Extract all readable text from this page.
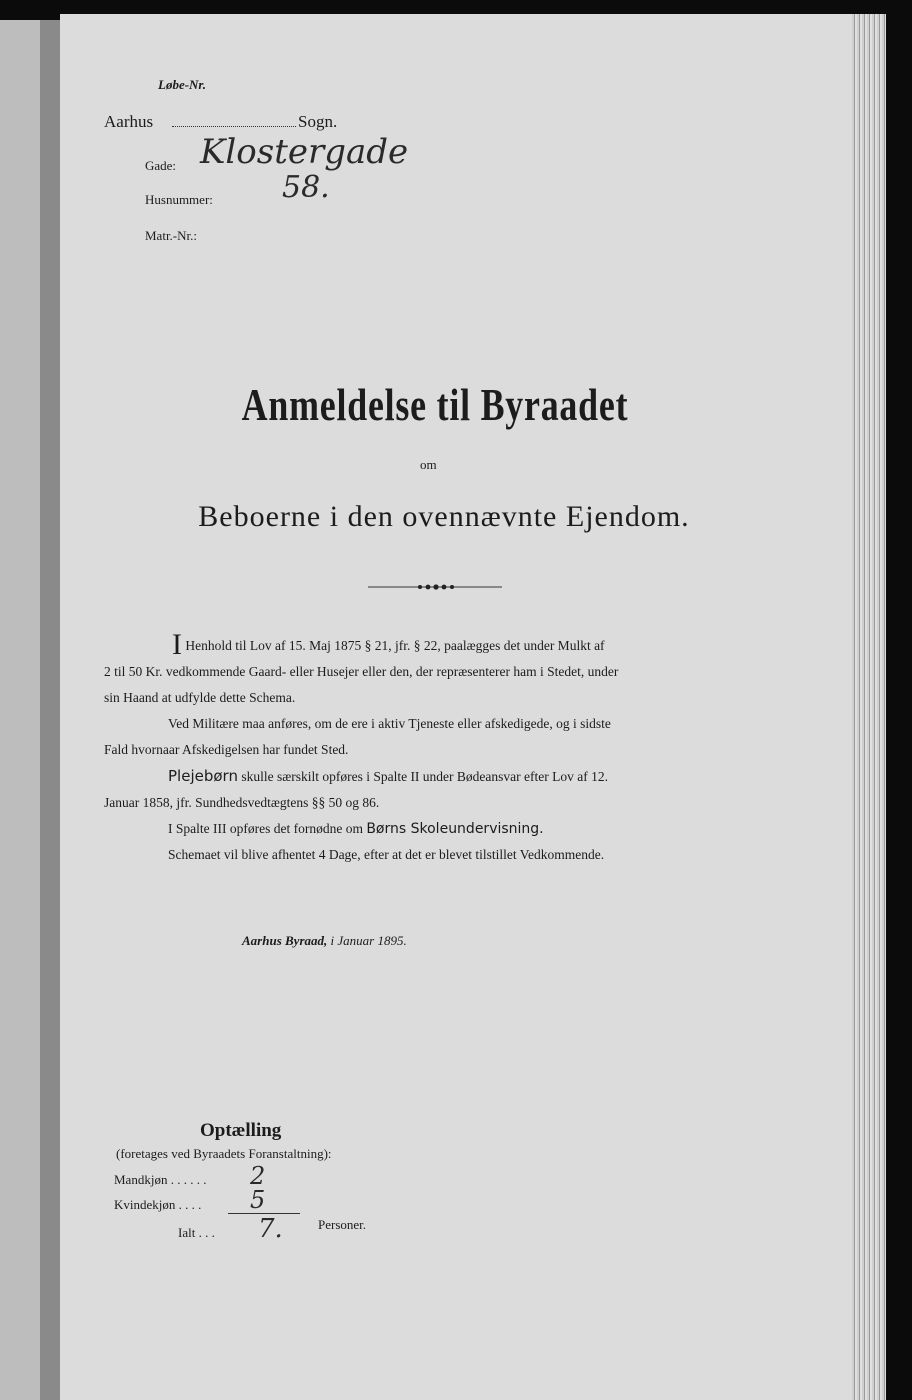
Løbe-Nr.
Aarhus	Sogn.
Gade: Klostergade
Husnummer: 58.
Matr.-Nr.:
Anmeldelse til Byraadet
om
Beboerne i den ovennævnte Ejendom.
I Henhold til Lov af 15. Maj 1875 § 21, jfr. § 22, paalægges det under Mulkt af
2 til 50 Kr. vedkommende Gaard- eller Husejer eller den, der repræsenterer ham i Stedet, under
sin Haand at udfylde dette Schema.
Ved Militære maa anføres, om de ere i aktiv Tjeneste eller afskedigede, og i sidste
Fald hvornaar Afskedigelsen har fundet Sted.
Plejebørn skulle særskilt opføres i Spalte II under Bødeansvar efter Lov af 12.
Januar 1858, jfr. Sundhedsvedtægtens §§ 50 og 86.
I Spalte III opføres det fornødne om Børns Skoleundervisning.
Schemaet vil blive afhentet 4 Dage, efter at det er blevet tilstillet Vedkommende.
Aarhus Byraad, i Januar 1895.
Optælling
(foretages ved Byraadets Foranstaltning):
Mandkjøn . . . . . . 2
Kvindekjøn . . . . 5
Ialt . . . 7.	Personer.
